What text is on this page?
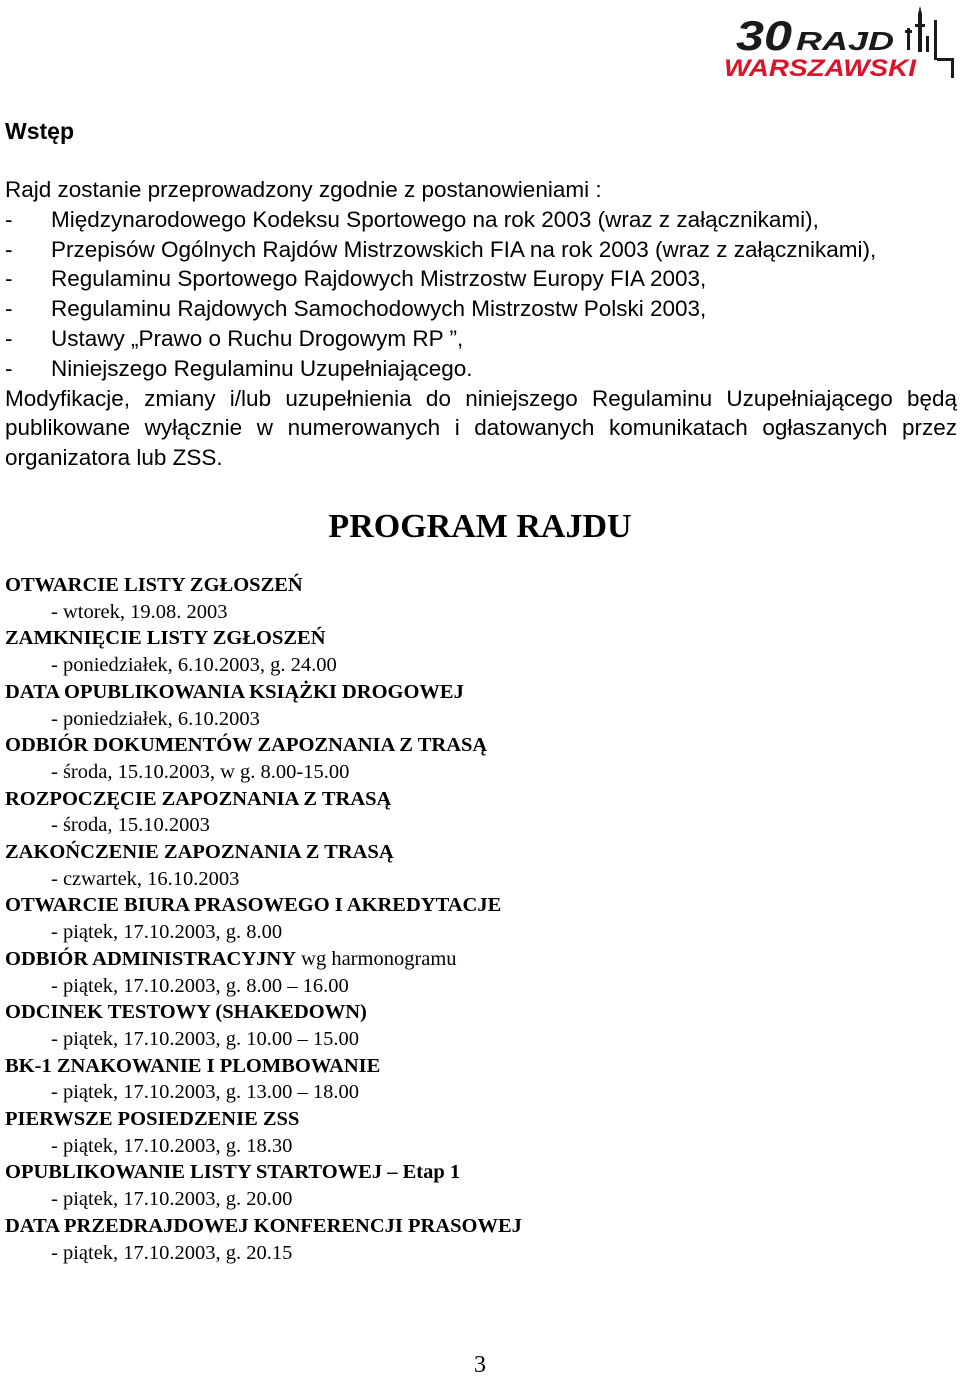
30 RAJD
WARSZAWSKI
Wstęp

Rajd zostanie przeprowadzony zgodnie z postanowieniami :

-	Międzynarodowego Kodeksu Sportowego na rok 2003 (wraz z załącznikami),
-	Przepisów Ogólnych Rajdów Mistrzowskich FIA na rok 2003 (wraz z załącznikami),
-	Regulaminu Sportowego Rajdowych Mistrzostw Europy FIA 2003,
-	Regulaminu Rajdowych Samochodowych Mistrzostw Polski 2003,
-	Ustawy „Prawo o Ruchu Drogowym RP ”,
-	Niniejszego Regulaminu Uzupełniającego.

Modyfikacje, zmiany i/lub uzupełnienia do niniejszego Regulaminu Uzupełniającego będą publikowane wyłącznie w numerowanych i datowanych komunikatach ogłaszanych przez organizatora lub ZSS.

PROGRAM RAJDU
OTWARCIE LISTY ZGŁOSZEŃ
- wtorek, 19.08. 2003
ZAMKNIĘCIE LISTY ZGŁOSZEŃ
- poniedziałek, 6.10.2003, g. 24.00
DATA OPUBLIKOWANIA KSIĄŻKI DROGOWEJ
- poniedziałek, 6.10.2003
ODBIÓR DOKUMENTÓW ZAPOZNANIA Z TRASĄ
- środa, 15.10.2003, w g. 8.00-15.00
ROZPOCZĘCIE ZAPOZNANIA Z TRASĄ
- środa, 15.10.2003
ZAKOŃCZENIE ZAPOZNANIA Z TRASĄ
- czwartek, 16.10.2003
OTWARCIE BIURA PRASOWEGO I AKREDYTACJE
- piątek, 17.10.2003, g. 8.00
ODBIÓR ADMINISTRACYJNY wg harmonogramu
- piątek, 17.10.2003, g. 8.00 – 16.00
ODCINEK TESTOWY (SHAKEDOWN)
- piątek, 17.10.2003, g. 10.00 – 15.00
BK-1 ZNAKOWANIE I PLOMBOWANIE
- piątek, 17.10.2003, g. 13.00 – 18.00
PIERWSZE POSIEDZENIE ZSS
- piątek, 17.10.2003, g. 18.30
OPUBLIKOWANIE LISTY STARTOWEJ – Etap 1
- piątek, 17.10.2003, g. 20.00
DATA PRZEDRAJDOWEJ KONFERENCJI PRASOWEJ
- piątek, 17.10.2003, g. 20.15
3
